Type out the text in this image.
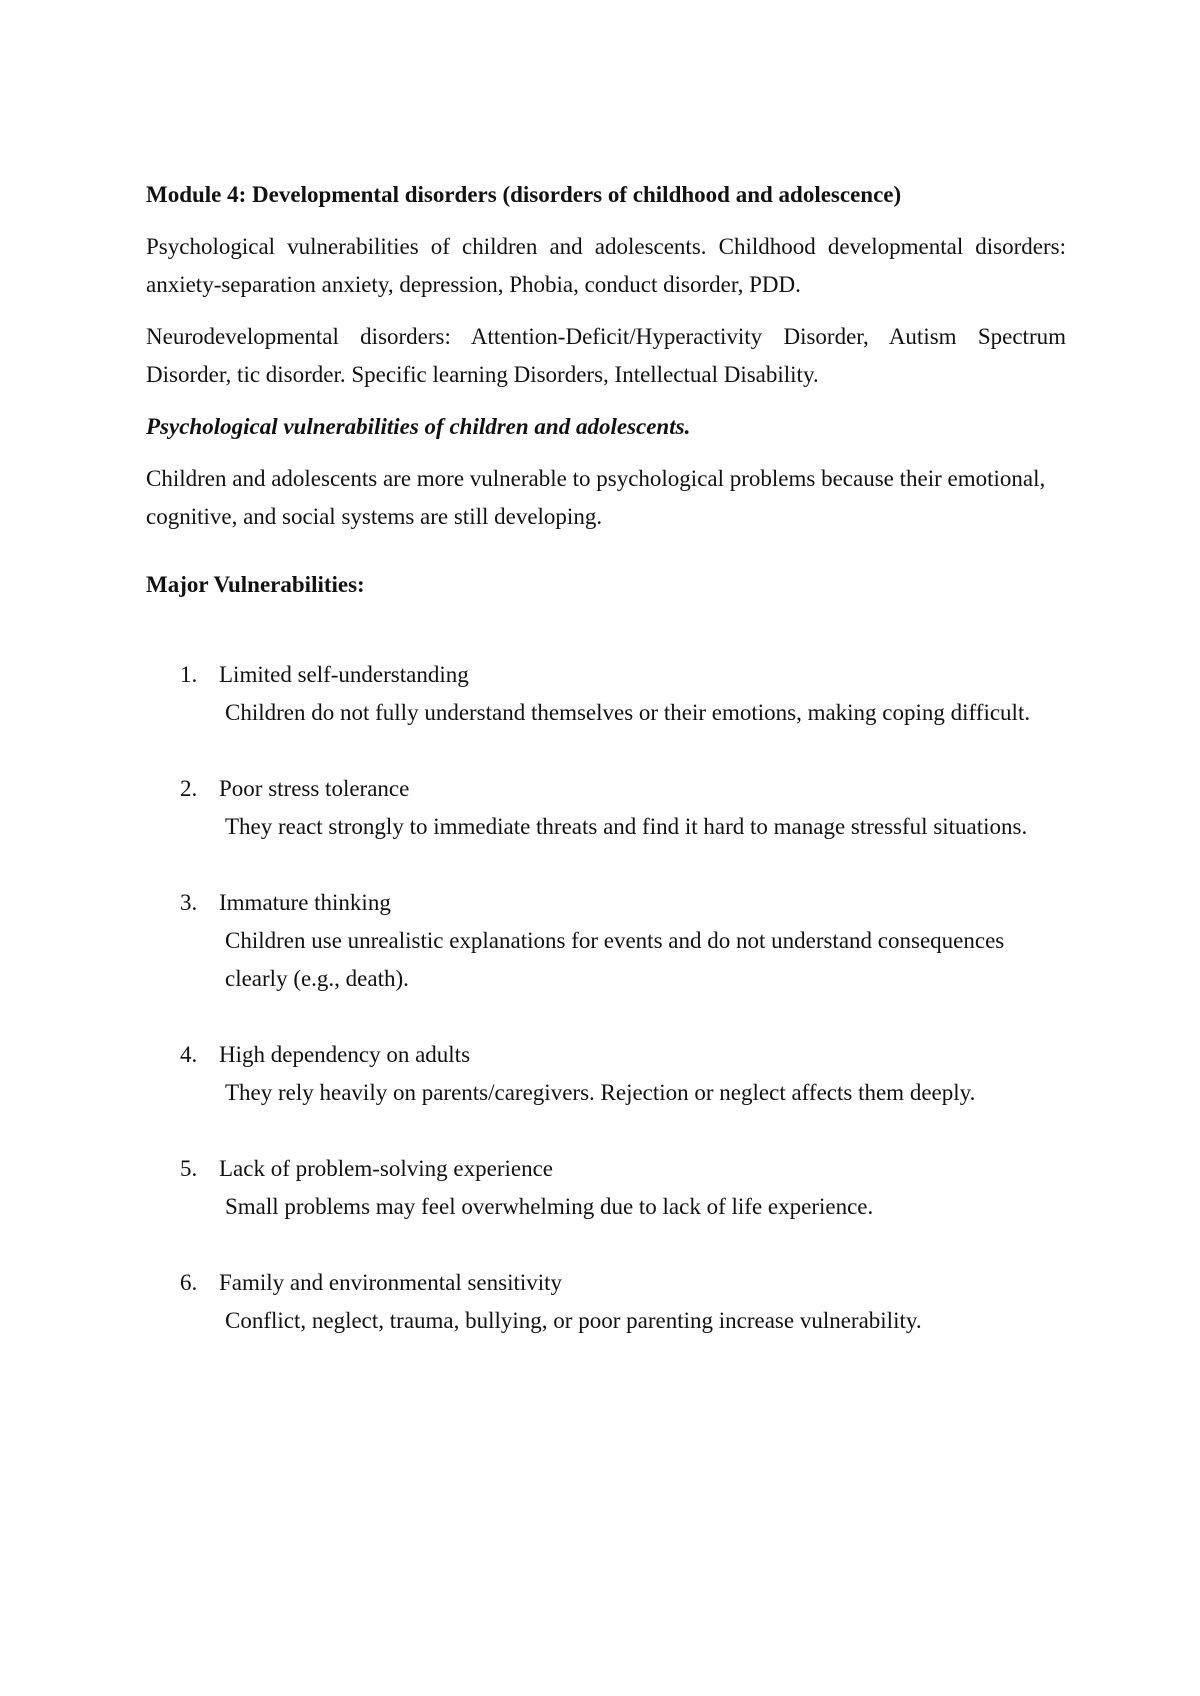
Module 4: Developmental disorders (disorders of childhood and adolescence)

Psychological vulnerabilities of children and adolescents. Childhood developmental disorders: anxiety-separation anxiety, depression, Phobia, conduct disorder, PDD.

Neurodevelopmental disorders: Attention-Deficit/Hyperactivity Disorder, Autism Spectrum Disorder, tic disorder. Specific learning Disorders, Intellectual Disability.

Psychological vulnerabilities of children and adolescents.

Children and adolescents are more vulnerable to psychological problems because their emotional, cognitive, and social systems are still developing.

Major Vulnerabilities:

1. Limited self-understanding
Children do not fully understand themselves or their emotions, making coping difficult.
2. Poor stress tolerance
They react strongly to immediate threats and find it hard to manage stressful situations.
3. Immature thinking
Children use unrealistic explanations for events and do not understand consequences clearly (e.g., death).
4. High dependency on adults
They rely heavily on parents/caregivers. Rejection or neglect affects them deeply.
5. Lack of problem-solving experience
Small problems may feel overwhelming due to lack of life experience.
6. Family and environmental sensitivity
Conflict, neglect, trauma, bullying, or poor parenting increase vulnerability.
